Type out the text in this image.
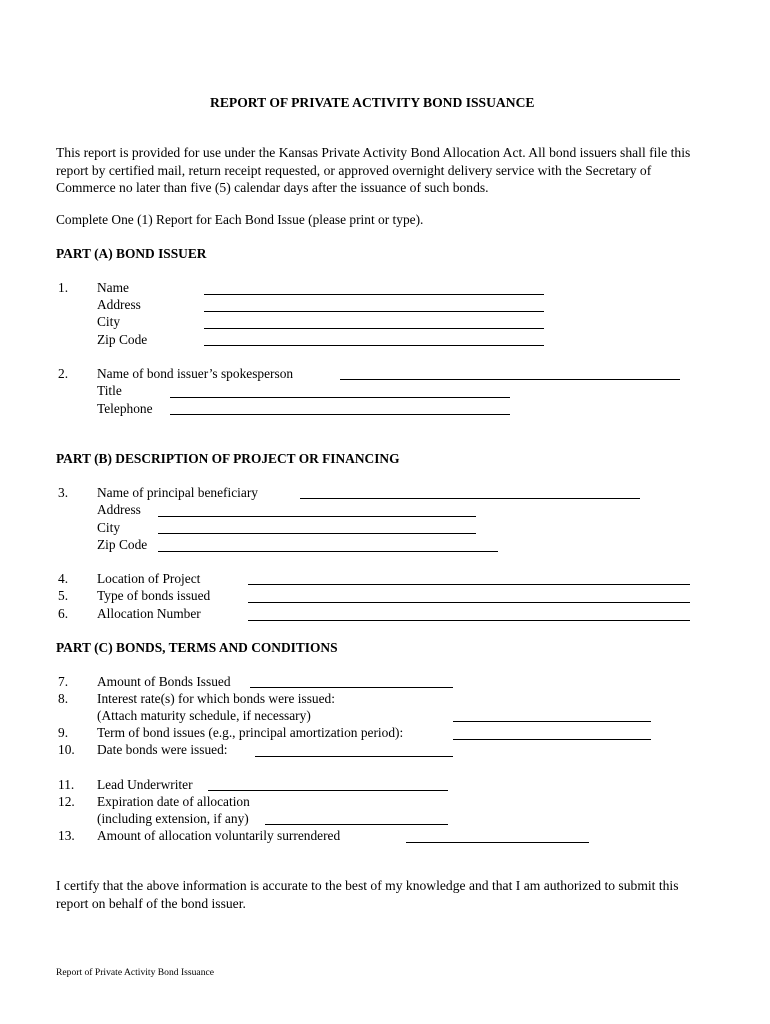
REPORT OF PRIVATE ACTIVITY BOND ISSUANCE
This report is provided for use under the Kansas Private Activity Bond Allocation Act. All bond issuers shall file this report by certified mail, return receipt requested, or approved overnight delivery service with the Secretary of Commerce no later than five (5) calendar days after the issuance of such bonds.
Complete One (1) Report for Each Bond Issue (please print or type).
PART (A) BOND ISSUER
1. Name
Address
City
Zip Code
2. Name of bond issuer’s spokesperson
Title
Telephone
PART (B) DESCRIPTION OF PROJECT OR FINANCING
3. Name of principal beneficiary
Address
City
Zip Code
4. Location of Project
5. Type of bonds issued
6. Allocation Number
PART (C) BONDS, TERMS AND CONDITIONS
7. Amount of Bonds Issued
8. Interest rate(s) for which bonds were issued:
(Attach maturity schedule, if necessary)
9. Term of bond issues (e.g., principal amortization period):
10. Date bonds were issued:
11. Lead Underwriter
12. Expiration date of allocation
(including extension, if any)
13. Amount of allocation voluntarily surrendered
I certify that the above information is accurate to the best of my knowledge and that I am authorized to submit this report on behalf of the bond issuer.
Report of Private Activity Bond Issuance
